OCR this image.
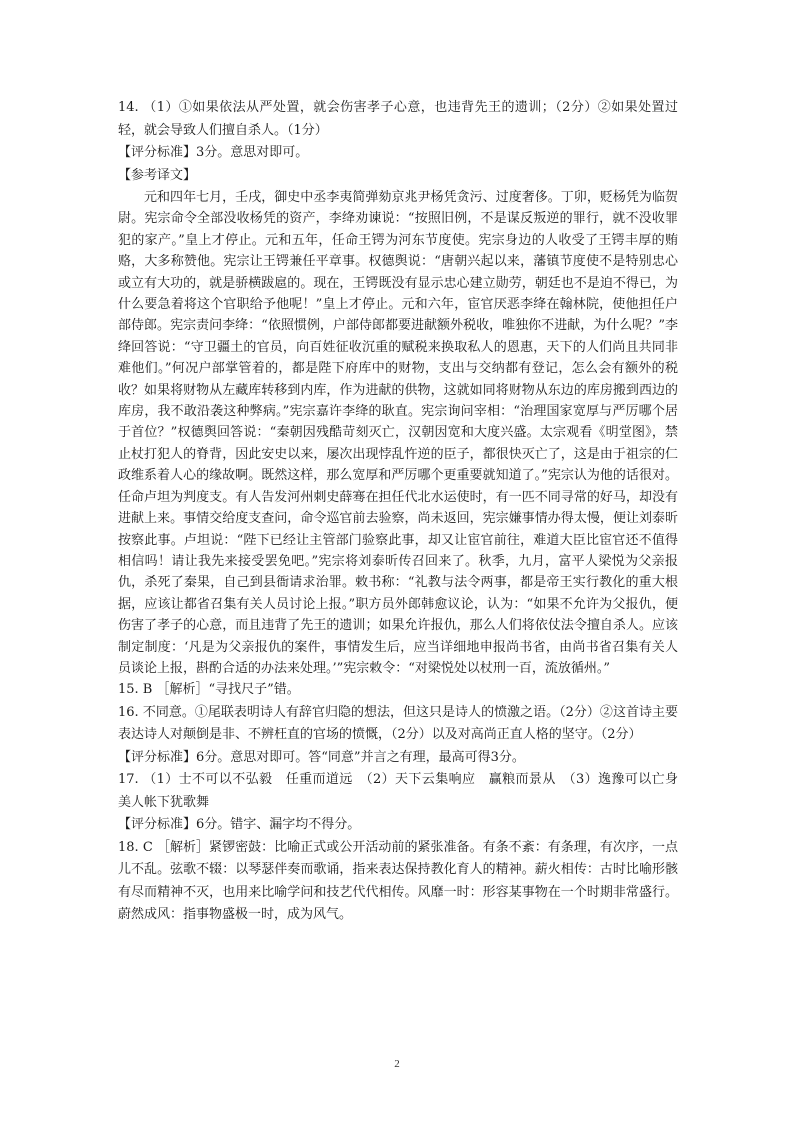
14. （1）①如果依法从严处置，就会伤害孝子心意，也违背先王的遗训；（2分）②如果处置过轻，就会导致人们擅自杀人。（1分）

【评分标准】3分。意思对即可。

【参考译文】

元和四年七月，壬戌，御史中丞李夷简弹劾京兆尹杨凭贪污、过度奢侈。丁卯，贬杨凭为临贺尉。宪宗命令全部没收杨凭的资产，李绛劝谏说：“按照旧例，不是谋反叛逆的罪行，就不没收罪犯的家产。”皇上才停止。元和五年，任命王锷为河东节度使。宪宗身边的人收受了王锷丰厚的贿赂，大多称赞他。宪宗让王锷兼任平章事。权德舆说：“唐朝兴起以来，藩镇节度使不是特别忠心或立有大功的，就是骄横跋扈的。现在，王锷既没有显示忠心建立勋劳，朝廷也不是迫不得已，为什么要急着将这个官职给予他呢！”皇上才停止。元和六年，宦官厌恶李绛在翰林院，使他担任户部侍郎。宪宗责问李绛：“依照惯例，户部侍郎都要进献额外税收，唯独你不进献，为什么呢？”李绛回答说：“守卫疆土的官员，向百姓征收沉重的赋税来换取私人的恩惠，天下的人们尚且共同非难他们。”何况户部掌管着的，都是陛下府库中的财物，支出与交纳都有登记，怎么会有额外的税收？如果将财物从左藏库转移到内库，作为进献的供物，这就如同将财物从东边的库房搬到西边的库房，我不敢沿袭这种弊病。”宪宗嘉许李绛的耿直。宪宗询问宰相：“治理国家宽厚与严厉哪个居于首位？”权德舆回答说：“秦朝因残酷苛刻灭亡，汉朝因宽和大度兴盛。太宗观看《明堂图》，禁止杖打犯人的脊背，因此安史以来，屡次出现悖乱忤逆的臣子，都很快灭亡了，这是由于祖宗的仁政维系着人心的缘故啊。既然这样，那么宽厚和严厉哪个更重要就知道了。”宪宗认为他的话很对。任命卢坦为判度支。有人告发河州刺史薛骞在担任代北水运使时，有一匹不同寻常的好马，却没有进献上来。事情交给度支查问，命令巡官前去验察，尚未返回，宪宗嫌事情办得太慢，便让刘泰昕按察此事。卢坦说：“陛下已经让主管部门验察此事，却又让宦官前往，难道大臣比宦官还不值得相信吗！请让我先来接受罢免吧。”宪宗将刘泰昕传召回来了。秋季，九月，富平人梁悦为父亲报仇，杀死了秦果，自己到县衙请求治罪。敕书称：“礼教与法令两事，都是帝王实行教化的重大根据，应该让都省召集有关人员讨论上报。”职方员外郎韩愈议论，认为：“如果不允许为父报仇，便伤害了孝子的心意，而且违背了先王的遗训；如果允许报仇，那么人们将依仗法令擅自杀人。应该制定制度：‘凡是为父亲报仇的案件，事情发生后，应当详细地申报尚书省，由尚书省召集有关人员谈论上报，斟酌合适的办法来处理。’”宪宗敕令：“对梁悦处以杖刑一百，流放循州。”

15. B ［解析］“寻找尺子”错。

16. 不同意。①尾联表明诗人有辞官归隐的想法，但这只是诗人的愤激之语。（2分）②这首诗主要表达诗人对颠倒是非、不辨枉直的官场的愤慨，（2分）以及对高尚正直人格的坚守。（2分）

【评分标准】6分。意思对即可。答“同意”并言之有理，最高可得3分。

17. （1）士不可以不弘毅　任重而道远　（2）天下云集响应　赢粮而景从　（3）逸豫可以亡身　美人帐下犹歌舞

【评分标准】6分。错字、漏字均不得分。

18. C ［解析］紧锣密鼓：比喻正式或公开活动前的紧张准备。有条不紊：有条理，有次序，一点儿不乱。弦歌不辍：以琴瑟伴奏而歌诵，指来表达保持教化育人的精神。薪火相传：古时比喻形骸有尽而精神不灭，也用来比喻学问和技艺代代相传。风靡一时：形容某事物在一个时期非常盛行。蔚然成风：指事物盛极一时，成为风气。

2
